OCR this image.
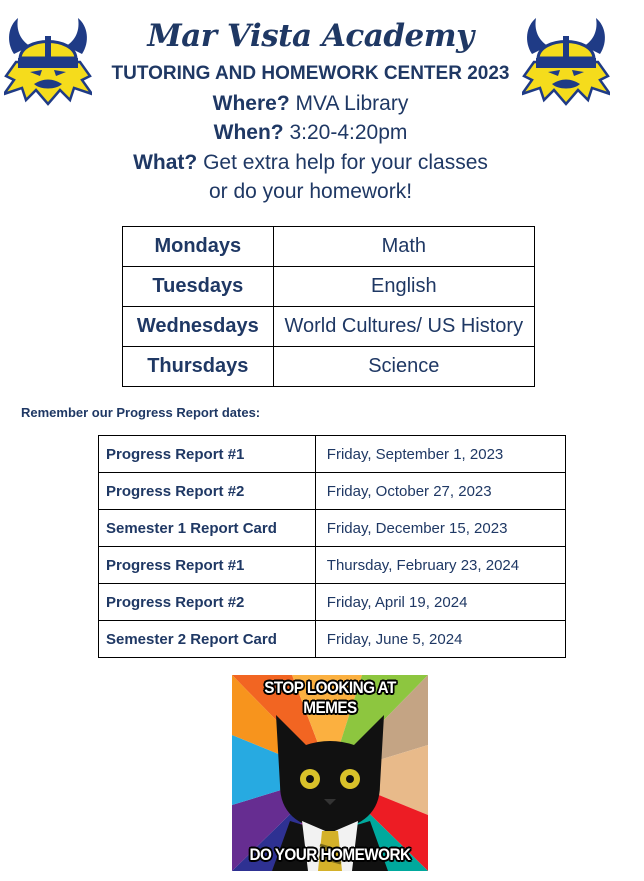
Mar Vista Academy
TUTORING AND HOMEWORK CENTER 2023
Where? MVA Library
When? 3:20-4:20pm
What? Get extra help for your classes
or do your homework!
Mondays	Math
Tuesdays	English
Wednesdays	World Cultures/ US History
Thursdays	Science
Remember our Progress Report dates:
Progress Report #1	Friday, September 1, 2023
Progress Report #2	Friday, October 27, 2023
Semester 1 Report Card	Friday, December 15, 2023
Progress Report #1	Thursday, February 23, 2024
Progress Report #2	Friday, April 19, 2024
Semester 2 Report Card	Friday, June 5, 2024
STOP LOOKING AT MEMES
DO YOUR HOMEWORK
